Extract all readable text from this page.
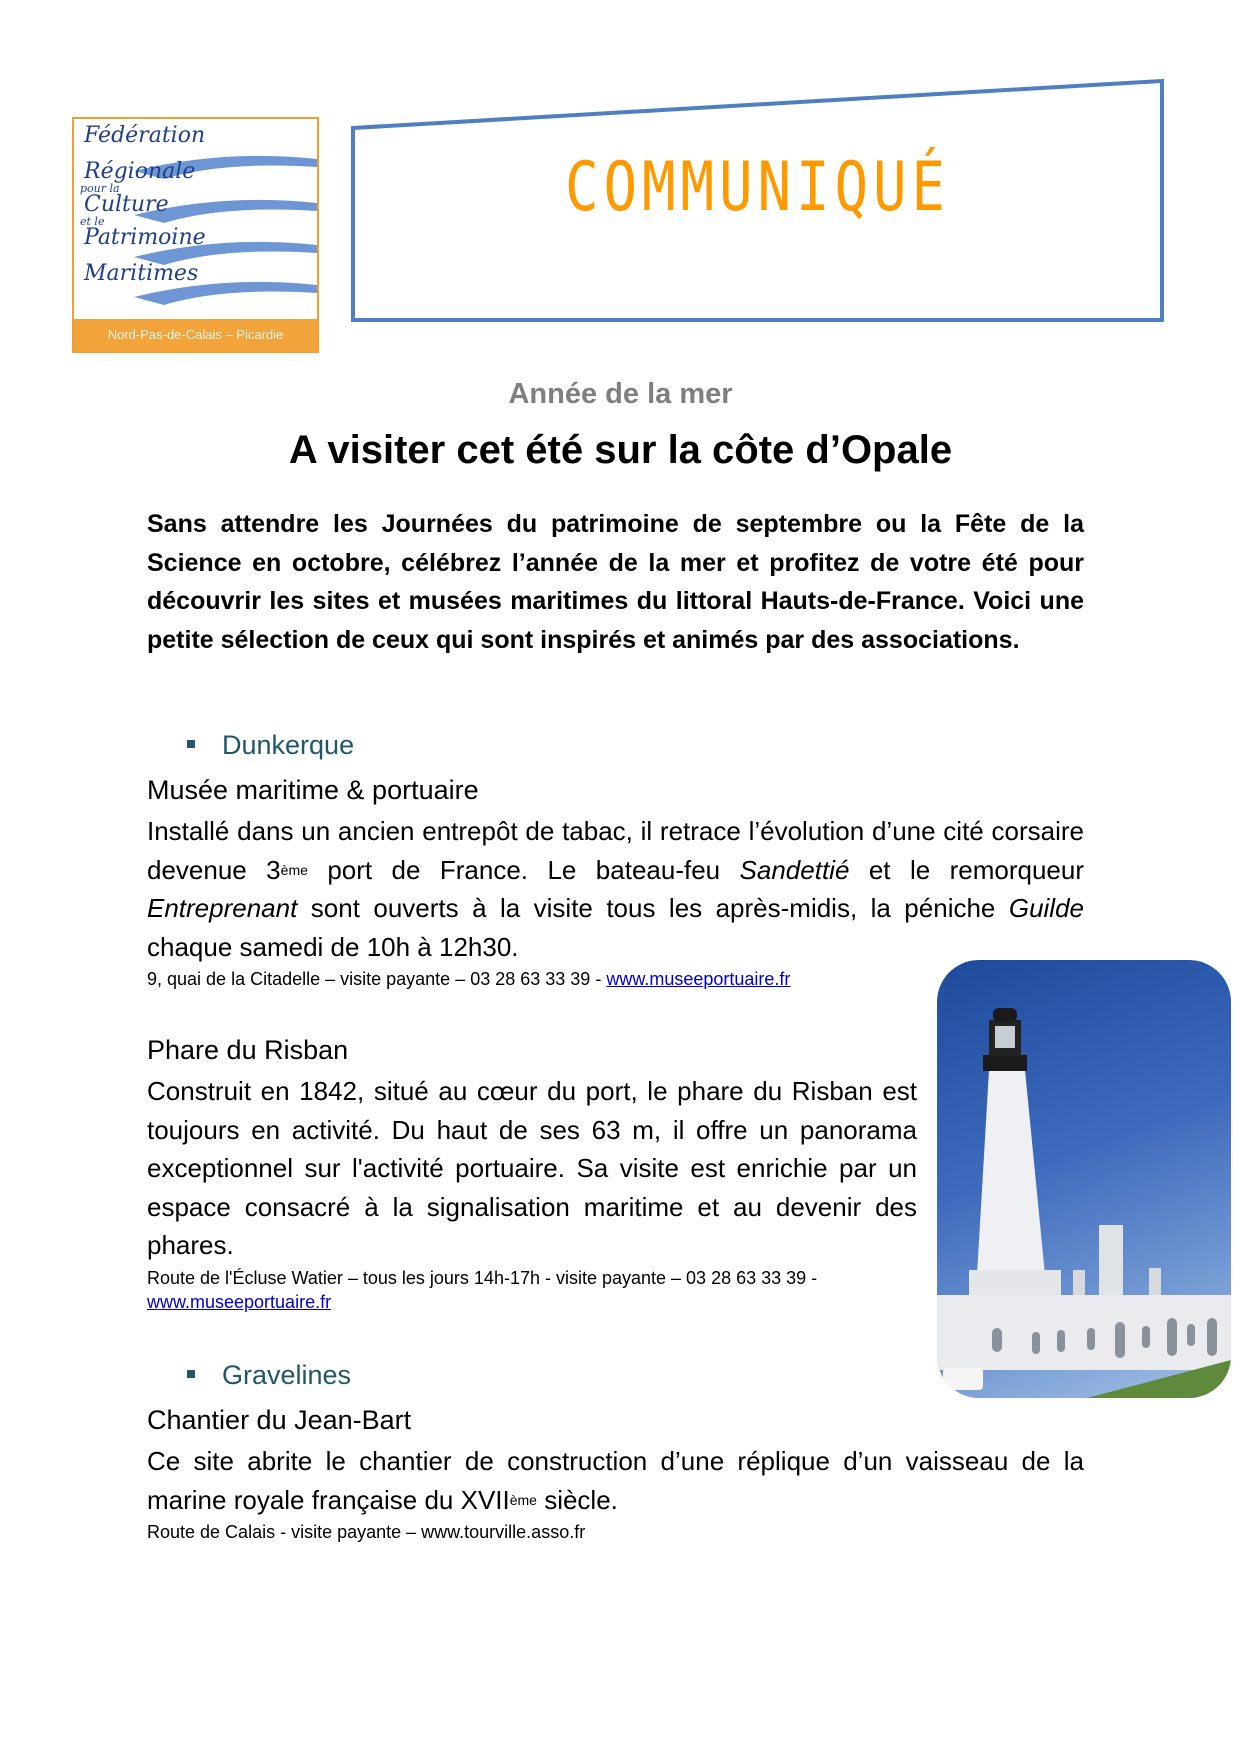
Fédération
Régionale
pour la
Culture
et le
Patrimoine
Maritimes
Nord-Pas-de-Calais – Picardie
COMMUNIQUÉ
Année de la mer
A visiter cet été sur la côte d’Opale
Sans attendre les Journées du patrimoine de septembre ou la Fête de la Science en octobre, célébrez l’année de la mer et profitez de votre été pour découvrir les sites et musées maritimes du littoral Hauts-de-France. Voici une petite sélection de ceux qui sont inspirés et animés par des associations.
Dunkerque
Musée maritime & portuaire
Installé dans un ancien entrepôt de tabac, il retrace l’évolution d’une cité corsaire devenue 3ème port de France. Le bateau-feu Sandettié et le remorqueur Entreprenant sont ouverts à la visite tous les après-midis, la péniche Guilde chaque samedi de 10h à 12h30.
9, quai de la Citadelle – visite payante – 03 28 63 33 39 - www.museeportuaire.fr
Phare du Risban
Construit en 1842, situé au cœur du port, le phare du Risban est toujours en activité. Du haut de ses 63 m, il offre un panorama exceptionnel sur l'activité portuaire. Sa visite est enrichie par un espace consacré à la signalisation maritime et au devenir des phares.
Route de l'Écluse Watier – tous les jours 14h-17h - visite payante – 03 28 63 33 39 - www.museeportuaire.fr
Gravelines
Chantier du Jean-Bart
Ce site abrite le chantier de construction d’une réplique d’un vaisseau de la marine royale française du XVIIème siècle.
Route de Calais - visite payante – www.tourville.asso.fr
